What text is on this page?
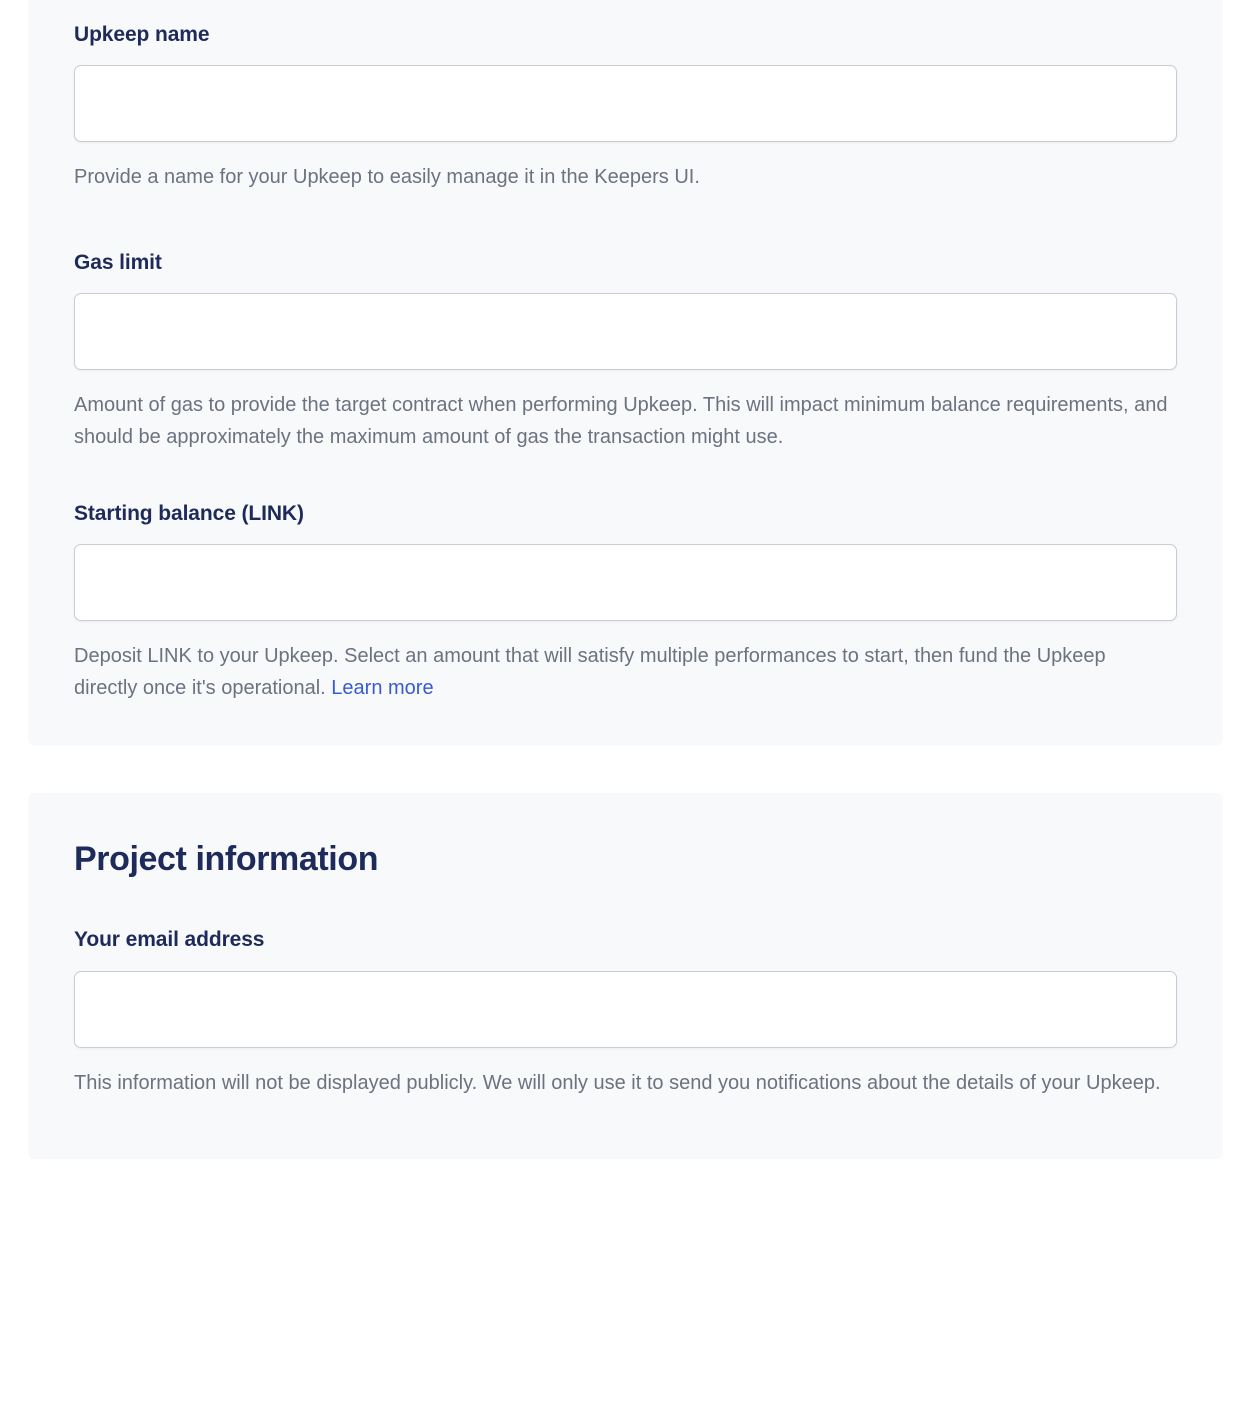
Upkeep name

Provide a name for your Upkeep to easily manage it in the Keepers UI.

Gas limit

Amount of gas to provide the target contract when performing Upkeep. This will impact minimum balance requirements, and should be approximately the maximum amount of gas the transaction might use.

Starting balance (LINK)

Deposit LINK to your Upkeep. Select an amount that will satisfy multiple performances to start, then fund the Upkeep directly once it's operational. Learn more

Project information
Your email address

This information will not be displayed publicly. We will only use it to send you notifications about the details of your Upkeep.
